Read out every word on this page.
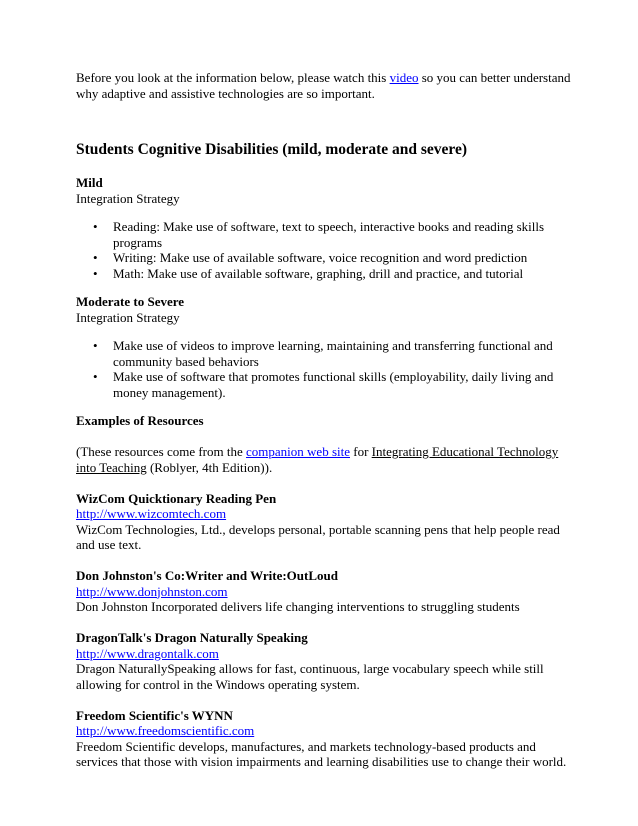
Before you look at the information below, please watch this video so you can better understand why adaptive and assistive technologies are so important.

Students Cognitive Disabilities (mild, moderate and severe)

Mild

Integration Strategy

• Reading: Make use of software, text to speech, interactive books and reading skills programs
• Writing: Make use of available software, voice recognition and word prediction
• Math: Make use of available software, graphing, drill and practice, and tutorial

Moderate to Severe

Integration Strategy

• Make use of videos to improve learning, maintaining and transferring functional and community based behaviors
• Make use of software that promotes functional skills (employability, daily living and money management).

Examples of Resources

(These resources come from the companion web site for Integrating Educational Technology into Teaching (Roblyer, 4th Edition)).

WizCom Quicktionary Reading Pen

http://www.wizcomtech.com

WizCom Technologies, Ltd., develops personal, portable scanning pens that help people read and use text.

Don Johnston's Co:Writer and Write:OutLoud

http://www.donjohnston.com

Don Johnston Incorporated delivers life changing interventions to struggling students

DragonTalk's Dragon Naturally Speaking

http://www.dragontalk.com

Dragon NaturallySpeaking allows for fast, continuous, large vocabulary speech while still allowing for control in the Windows operating system.

Freedom Scientific's WYNN

http://www.freedomscientific.com

Freedom Scientific develops, manufactures, and markets technology-based products and services that those with vision impairments and learning disabilities use to change their world.
